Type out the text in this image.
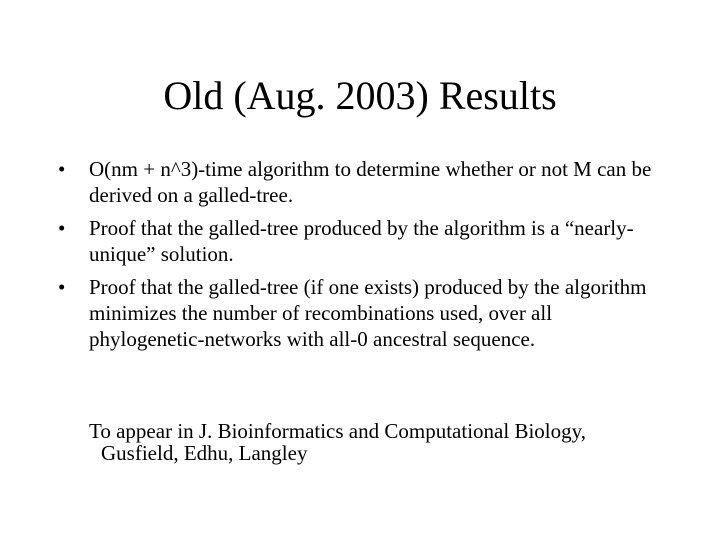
Old (Aug. 2003) Results
•	O(nm + n^3)-time algorithm to determine whether or not M can be derived on a galled-tree.
•	Proof that the galled-tree produced by the algorithm is a “nearly-unique” solution.
•	Proof that the galled-tree (if one exists) produced by the algorithm minimizes the number of recombinations used, over all phylogenetic-networks with all-0 ancestral sequence.
To appear in J. Bioinformatics and Computational Biology,
Gusfield, Edhu, Langley
